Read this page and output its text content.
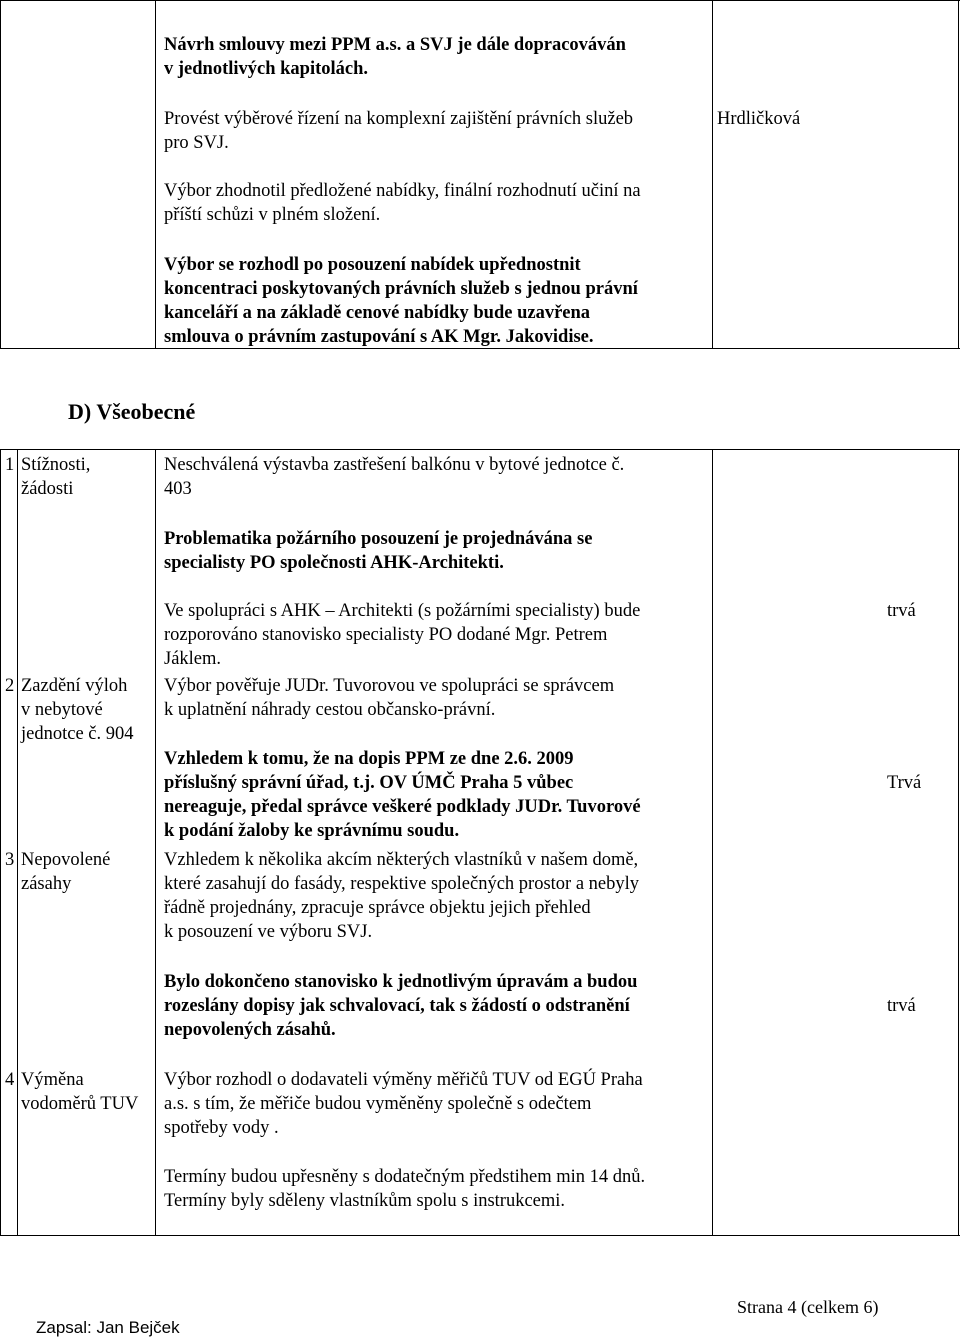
Návrh smlouvy mezi PPM a.s. a SVJ je dále dopracováván
v jednotlivých kapitolách.
Provést výběrové řízení na komplexní zajištění právních služeb
pro SVJ.
Hrdličková
Výbor zhodnotil předložené nabídky, finální rozhodnutí učiní na
příští schůzi v plném složení.
Výbor se rozhodl po posouzení nabídek upřednostnit
koncentraci poskytovaných právních služeb s jednou právní
kanceláří a na základě cenové nabídky bude uzavřena
smlouva o právním zastupování s AK Mgr. Jakovidise.
D) Všeobecné
1 Stížnosti,
žádosti
Neschválená výstavba zastřešení balkónu v bytové jednotce č.
403
Problematika požárního posouzení je projednávána se
specialisty PO společnosti AHK-Architekti.
Ve spolupráci s AHK – Architekti (s požárními specialisty) bude
rozporováno stanovisko specialisty PO dodané Mgr. Petrem
Jáklem.
trvá
2 Zazdění výloh
v nebytové
jednotce č. 904
Výbor pověřuje JUDr. Tuvorovou ve spolupráci se správcem
k uplatnění náhrady cestou občansko-právní.
Vzhledem k tomu, že na dopis PPM ze dne 2.6. 2009
příslušný správní úřad, t.j. OV ÚMČ Praha 5 vůbec
nereaguje, předal správce veškeré podklady JUDr. Tuvorové
k podání žaloby ke správnímu soudu.
Trvá
3 Nepovolené
zásahy
Vzhledem k několika akcím některých vlastníků v našem domě,
které zasahují do fasády, respektive společných prostor a nebyly
řádně projednány, zpracuje správce objektu jejich přehled
k posouzení ve výboru SVJ.
Bylo dokončeno stanovisko k jednotlivým úpravám a budou
rozeslány dopisy jak schvalovací, tak s žádostí o odstranění
nepovolených zásahů.
trvá
4 Výměna
vodoměrů TUV
Výbor rozhodl o dodavateli výměny měřičů TUV od EGÚ Praha
a.s. s tím, že měřiče budou vyměněny společně s odečtem
spotřeby vody .
Termíny budou upřesněny s dodatečným předstihem min 14 dnů.
Termíny byly sděleny vlastníkům spolu s instrukcemi.
Zapsal: Jan Bejček
Strana 4 (celkem 6)
